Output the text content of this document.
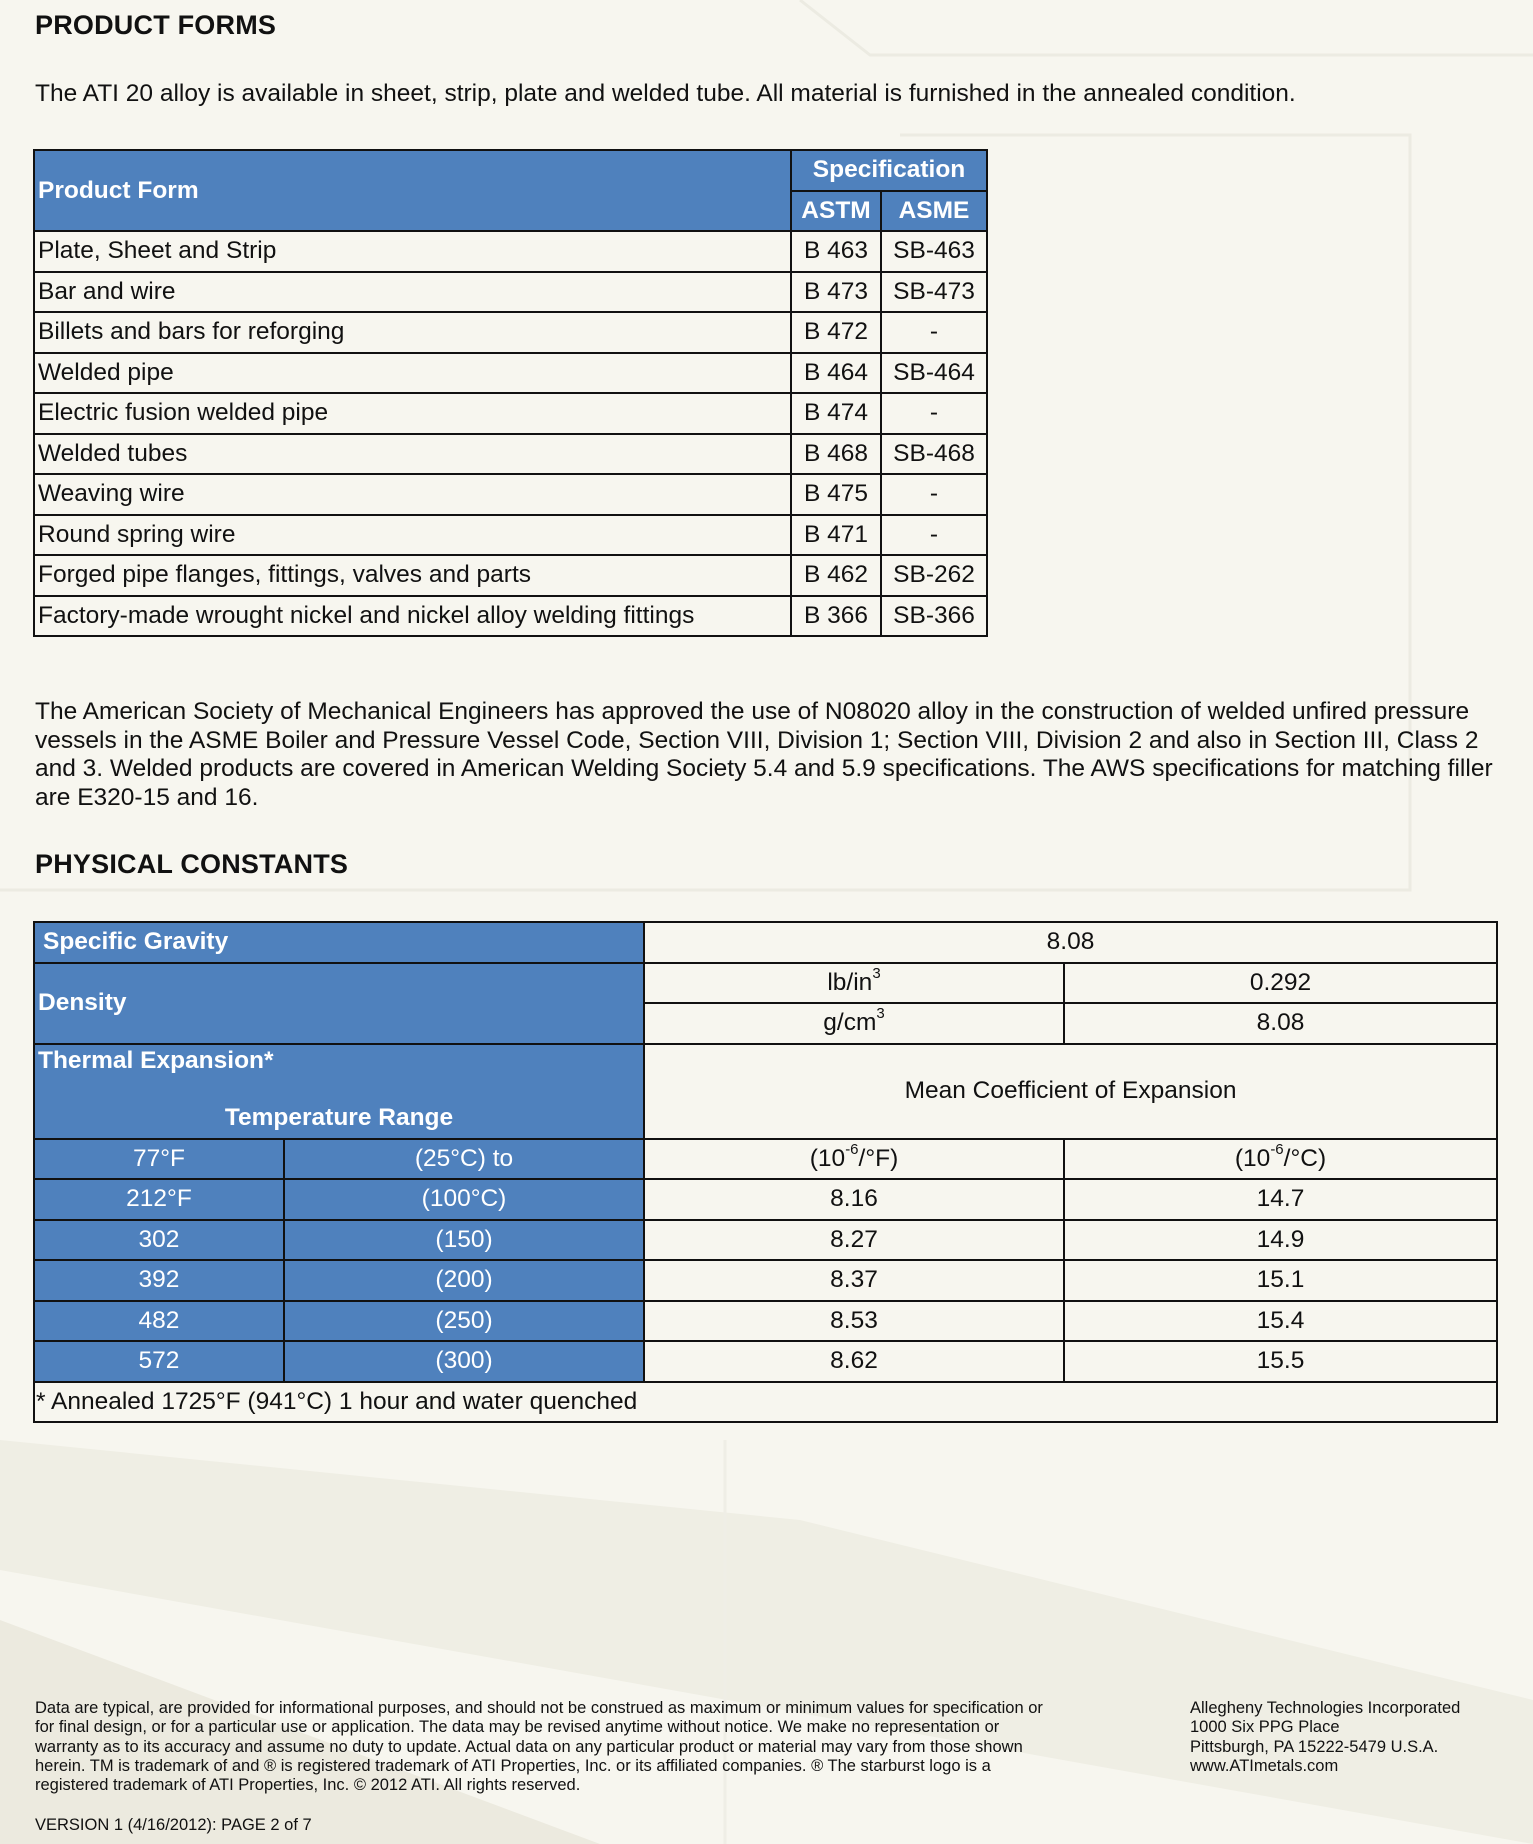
PRODUCT FORMS

The ATI 20 alloy is available in sheet, strip, plate and welded tube. All material is furnished in the annealed condition.

Product Form	Specification	
	ASTM	ASME
Plate, Sheet and Strip	B 463	SB-463
Bar and wire	B 473	SB-473
Billets and bars for reforging	B 472	-
Welded pipe	B 464	SB-464
Electric fusion welded pipe	B 474	-
Welded tubes	B 468	SB-468
Weaving wire	B 475	-
Round spring wire	B 471	-
Forged pipe flanges, fittings, valves and parts	B 462	SB-262
Factory-made wrought nickel and nickel alloy welding fittings	B 366	SB-366

The American Society of Mechanical Engineers has approved the use of N08020 alloy in the construction of welded unfired pressure vessels in the ASME Boiler and Pressure Vessel Code, Section VIII, Division 1; Section VIII, Division 2 and also in Section III, Class 2 and 3. Welded products are covered in American Welding Society 5.4 and 5.9 specifications. The AWS specifications for matching filler are E320-15 and 16.

PHYSICAL CONSTANTS
Specific Gravity		8.08	
Density		$lb/in^3$	0.292
		$g/cm^3$	8.08

Thermal Expansion*
Temperature Range		Mean Coefficient of Expansion	
77°F	(25°C) to	$(10^{-6}/^\circ F)$	$(10^{-6}/^\circ C)$
212°F	(100°C)	8.16	14.7
302	(150)	8.27	14.9
392	(200)	8.37	15.1
482	(250)	8.53	15.4
572	(300)	8.62	15.5
* Annealed 1725°F (941°C) 1 hour and water quenched			

Data are typical, are provided for informational purposes, and should not be construed as maximum or minimum values for specification or for final design, or for a particular use or application. The data may be revised anytime without notice. We make no representation or warranty as to its accuracy and assume no duty to update. Actual data on any particular product or material may vary from those shown herein. TM is trademark of and ® is registered trademark of ATI Properties, Inc. or its affiliated companies. ® The starburst logo is a registered trademark of ATI Properties, Inc. © 2012 ATI. All rights reserved.

Allegheny Technologies Incorporated
1000 Six PPG Place
Pittsburgh, PA 15222-5479 U.S.A.
www.ATImetals.com
VERSION 1 (4/16/2012): PAGE 2 of 7
